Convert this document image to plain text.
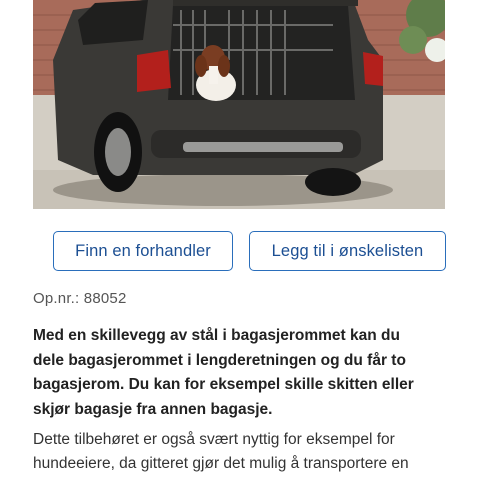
Finn en forhandler	Legg til i ønskelisten
Op.nr.: 88052
Med en skillevegg av stål i bagasjerommet kan du
dele bagasjerommet i lengderetningen og du får to
bagasjerom. Du kan for eksempel skille skitten eller
skjør bagasje fra annen bagasje.
Dette tilbehøret er også svært nyttig for eksempel for
hundeeiere, da gitteret gjør det mulig å transportere en
